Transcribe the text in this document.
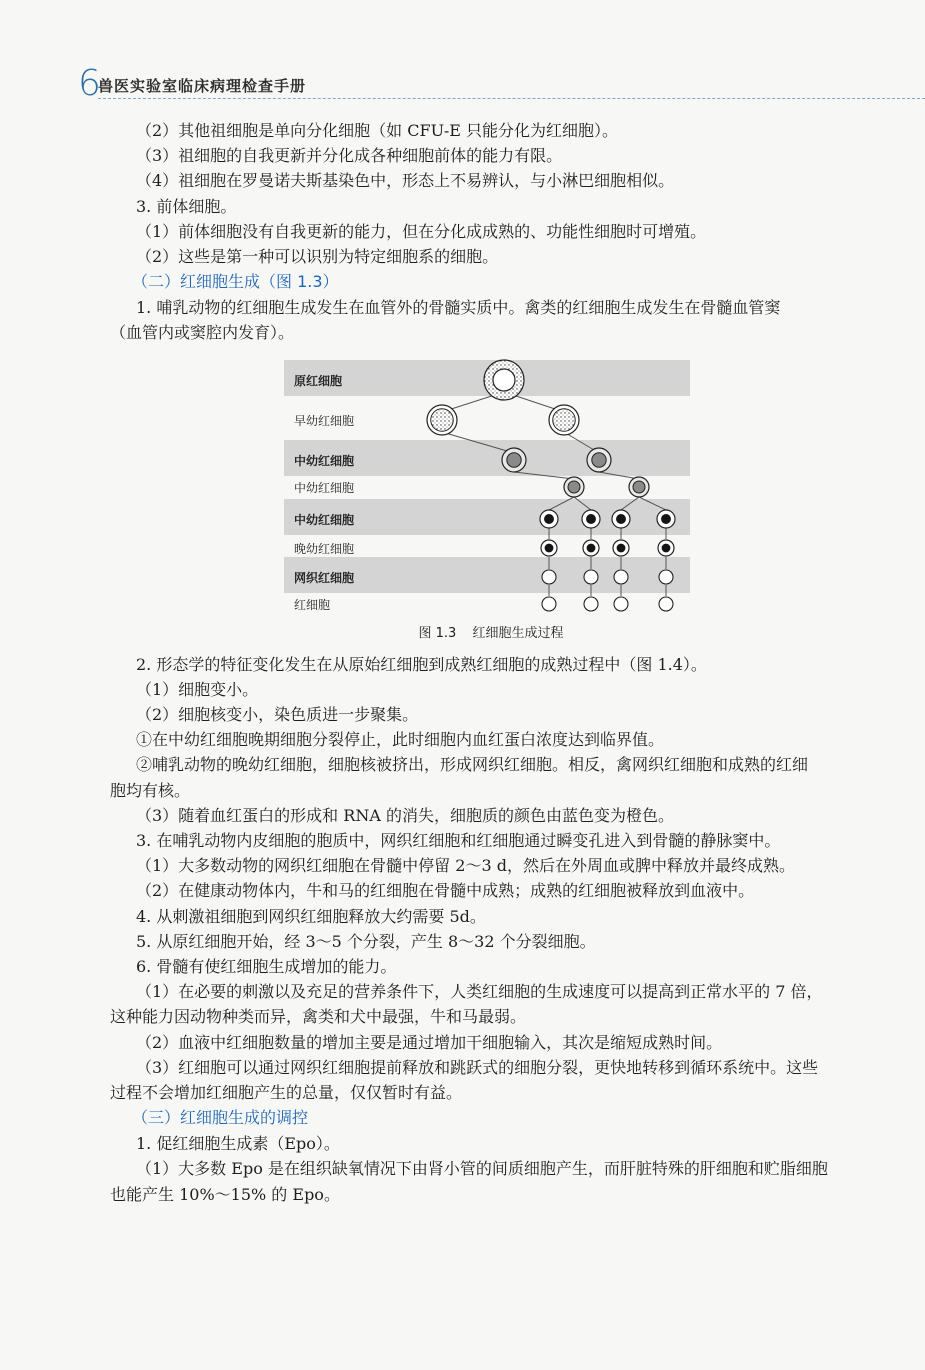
6
兽医实验室临床病理检查手册

（2）其他祖细胞是单向分化细胞（如 CFU-E 只能分化为红细胞）。

（3）祖细胞的自我更新并分化成各种细胞前体的能力有限。

（4）祖细胞在罗曼诺夫斯基染色中，形态上不易辨认，与小淋巴细胞相似。

3. 前体细胞。

（1）前体细胞没有自我更新的能力，但在分化成成熟的、功能性细胞时可增殖。

（2）这些是第一种可以识别为特定细胞系的细胞。

（二）红细胞生成（图 1.3）

1. 哺乳动物的红细胞生成发生在血管外的骨髓实质中。禽类的红细胞生成发生在骨髓血管窦

（血管内或窦腔内发育）。

原红细胞
早幼红细胞
中幼红细胞
中幼红细胞
中幼红细胞
晚幼红细胞
网织红细胞
红细胞
图 1.3 红细胞生成过程

2. 形态学的特征变化发生在从原始红细胞到成熟红细胞的成熟过程中（图 1.4）。

（1）细胞变小。

（2）细胞核变小，染色质进一步聚集。

①在中幼红细胞晚期细胞分裂停止，此时细胞内血红蛋白浓度达到临界值。

②哺乳动物的晚幼红细胞，细胞核被挤出，形成网织红细胞。相反，禽网织红细胞和成熟的红细

胞均有核。

（3）随着血红蛋白的形成和 RNA 的消失，细胞质的颜色由蓝色变为橙色。

3. 在哺乳动物内皮细胞的胞质中，网织红细胞和红细胞通过瞬变孔进入到骨髓的静脉窦中。

（1）大多数动物的网织红细胞在骨髓中停留 2～3 d，然后在外周血或脾中释放并最终成熟。

（2）在健康动物体内，牛和马的红细胞在骨髓中成熟；成熟的红细胞被释放到血液中。

4. 从刺激祖细胞到网织红细胞释放大约需要 5d。

5. 从原红细胞开始，经 3～5 个分裂，产生 8～32 个分裂细胞。

6. 骨髓有使红细胞生成增加的能力。

（1）在必要的刺激以及充足的营养条件下，人类红细胞的生成速度可以提高到正常水平的 7 倍，

这种能力因动物种类而异，禽类和犬中最强，牛和马最弱。

（2）血液中红细胞数量的增加主要是通过增加干细胞输入，其次是缩短成熟时间。

（3）红细胞可以通过网织红细胞提前释放和跳跃式的细胞分裂，更快地转移到循环系统中。这些

过程不会增加红细胞产生的总量，仅仅暂时有益。

（三）红细胞生成的调控

1. 促红细胞生成素（Epo）。

（1）大多数 Epo 是在组织缺氧情况下由肾小管的间质细胞产生，而肝脏特殊的肝细胞和贮脂细胞

也能产生 10%～15% 的 Epo。
